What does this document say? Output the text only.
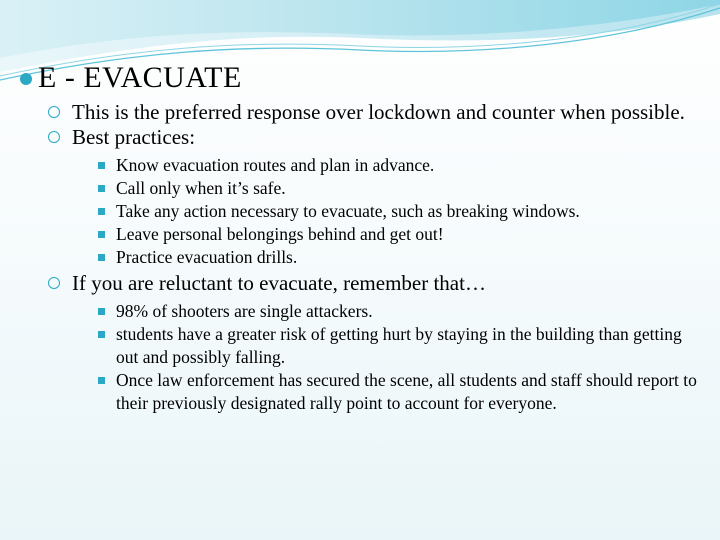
E - EVACUATE
This is the preferred response over lockdown and counter when possible.
Best practices:
Know evacuation routes and plan in advance.
Call only when it’s safe.
Take any action necessary to evacuate, such as breaking windows.
Leave personal belongings behind and get out!
Practice evacuation drills.
If you are reluctant to evacuate, remember that…
98% of shooters are single attackers.
students have a greater risk of getting hurt by staying in the building than getting out and possibly falling.
Once law enforcement has secured the scene, all students and staff should report to their previously designated rally point to account for everyone.
